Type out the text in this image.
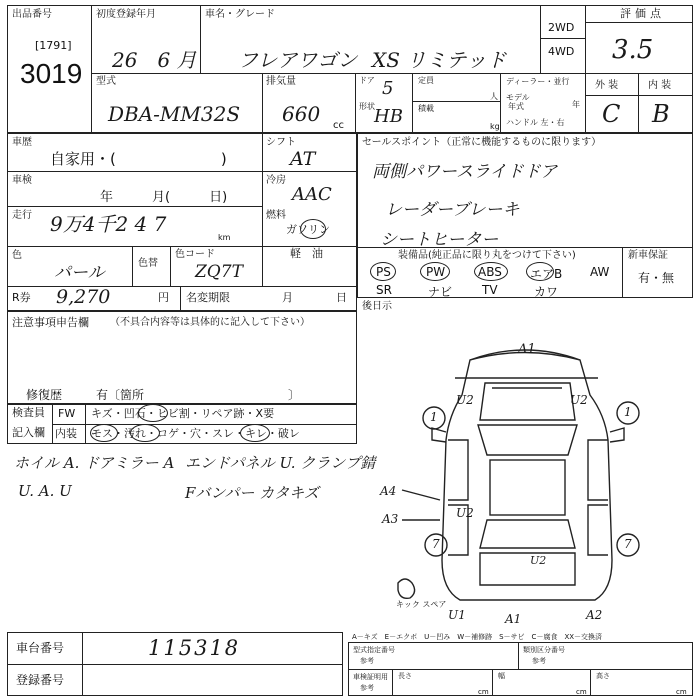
出品番号
[1791]
3019
初度登録年月
26　6 月
車名・グレード
フレアワゴン XS リミテッド
2WD
4WD
評価点
3.5
型式
DBA-MM32S
排気量
660 cc
ドア 5
形状 HB
定員
人
積載
kg
ディーラー・並行
モデル
年式	年
ハンドル 左・右
外 装	内 装
C B
車歴
自家用・(　　　　　　　)
シフト
AT
車検
年　　　月(　　　日)
冷房
AAC
走行 9万4千2 4 7
km
燃料
ガソリン
軽　油
色
パール	色替
色コード
ZQ7T
R券 9,270	円 名変期限	月	日
セールスポイント（正常に機能するものに限ります）
両側パワースライドドア
レーダーブレーキ
シートヒーター
装備品(純正品に限り丸をつけて下さい)	新車保証
有・無
PS	PW	ABS エアB AW
SR	ナビ TV	カワ
後日示
注意事項申告欄 （不具合内容等は具体的に記入して下さい）
修復歴	有〔箇所　　　　　　　　　　　　〕
検査員
記入欄
FW キズ・凹石・ヒビ割・リペア跡・X要
内装 モス・汚れ・コゲ・穴・スレ・キレ・破レ
ホイル A. ドアミラー A エンドパネル U. クランプ錆
U. A. U	Fバンパー カタキズ
A1
U2	U2
A4
A3	U2
U2
U1	A1	A2
1	1
7	7
キック スペア
車台番号	115318
登録番号
A－キズ　E－エクボ　U－凹み　W－補修跡　S－サビ　C－腐食　XX－交換済
型式指定番号
参考
類別区分番号
参考
車検証明用
参考
長さ
cm
幅
cm
高さ
cm
